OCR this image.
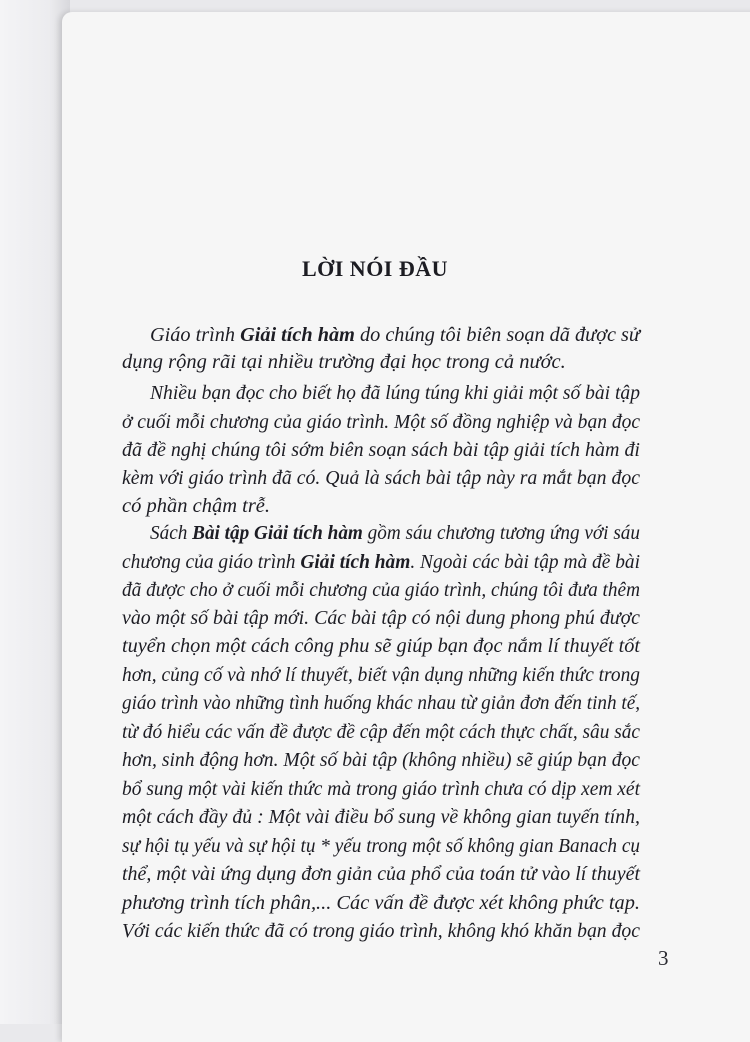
LỜI NÓI ĐẦU
Giáo trình Giải tích hàm do chúng tôi biên soạn dã được sử
dụng rộng rãi tại nhiều trường đại học trong cả nước.
Nhiều bạn đọc cho biết họ đã lúng túng khi giải một số bài tập
ở cuối mỗi chương của giáo trình. Một số đồng nghiệp và bạn đọc
đã đề nghị chúng tôi sớm biên soạn sách bài tập giải tích hàm đi
kèm với giáo trình đã có. Quả là sách bài tập này ra mắt bạn đọc
có phần chậm trễ.
Sách Bài tập Giải tích hàm gồm sáu chương tương ứng với sáu
chương của giáo trình Giải tích hàm. Ngoài các bài tập mà đề bài
đã được cho ở cuối mỗi chương của giáo trình, chúng tôi đưa thêm
vào một số bài tập mới. Các bài tập có nội dung phong phú được
tuyển chọn một cách công phu sẽ giúp bạn đọc nắm lí thuyết tốt
hơn, củng cố và nhớ lí thuyết, biết vận dụng những kiến thức trong
giáo trình vào những tình huống khác nhau từ giản đơn đến tinh tế,
từ đó hiểu các vấn đề được đề cập đến một cách thực chất, sâu sắc
hơn, sinh động hơn. Một số bài tập (không nhiều) sẽ giúp bạn đọc
bổ sung một vài kiến thức mà trong giáo trình chưa có dịp xem xét
một cách đầy đủ : Một vài điều bổ sung về không gian tuyến tính,
sự hội tụ yếu và sự hội tụ * yếu trong một số không gian Banach cụ
thể, một vài ứng dụng đơn giản của phổ của toán tử vào lí thuyết
phương trình tích phân,... Các vấn đề được xét không phức tạp.
Với các kiến thức đã có trong giáo trình, không khó khăn bạn đọc
3
